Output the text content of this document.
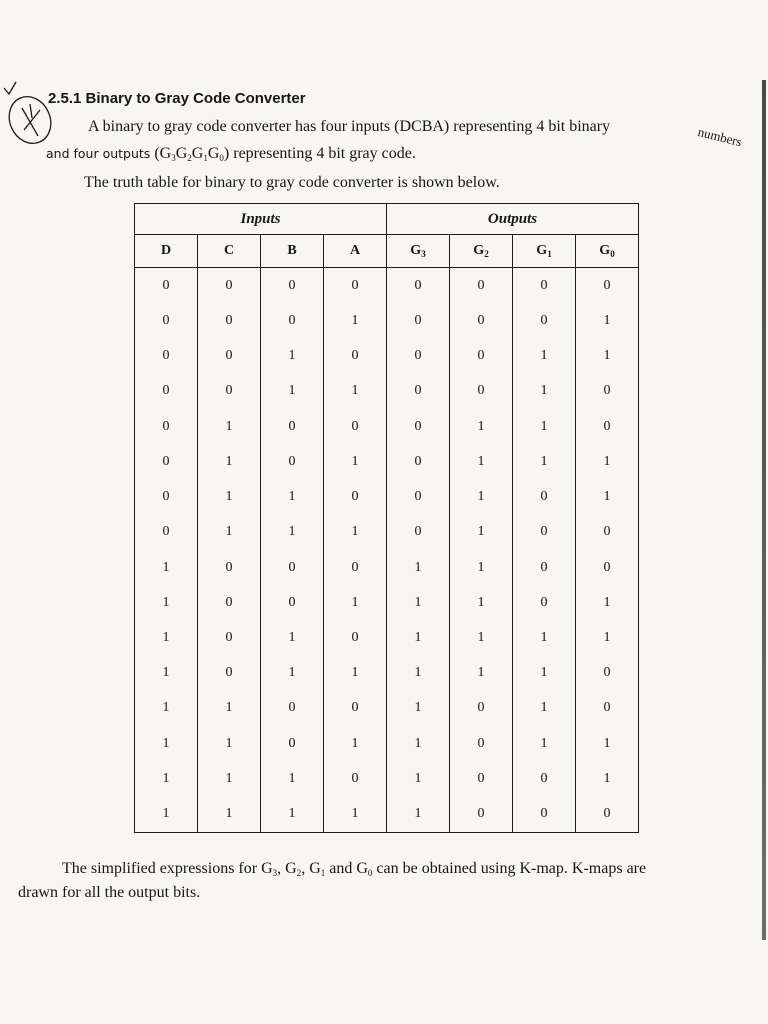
2.5.1 Binary to Gray Code Converter
A binary to gray code converter has four inputs (DCBA) representing 4 bit binary	numbers
and four outputs $(G_3G_2G_1G_0)$ representing 4 bit gray code.
The truth table for binary to gray code converter is shown below.
Inputs				Outputs			
D	C	B	A	$G_3$	$G_2$	$G_1$	$G_0$
0	0	0	0	0	0	0	0
0	0	0	1	0	0	0	1
0	0	1	0	0	0	1	1
0	0	1	1	0	0	1	0
0	1	0	0	0	1	1	0
0	1	0	1	0	1	1	1
0	1	1	0	0	1	0	1
0	1	1	1	0	1	0	0
1	0	0	0	1	1	0	0
1	0	0	1	1	1	0	1
1	0	1	0	1	1	1	1
1	0	1	1	1	1	1	0
1	1	0	0	1	0	1	0
1	1	0	1	1	0	1	1
1	1	1	0	1	0	0	1
1	1	1	1	1	0	0	0
The simplified expressions for $G_3$, $G_2$, $G_1$ and $G_0$ can be obtained using K-map. K-maps are
drawn for all the output bits.
